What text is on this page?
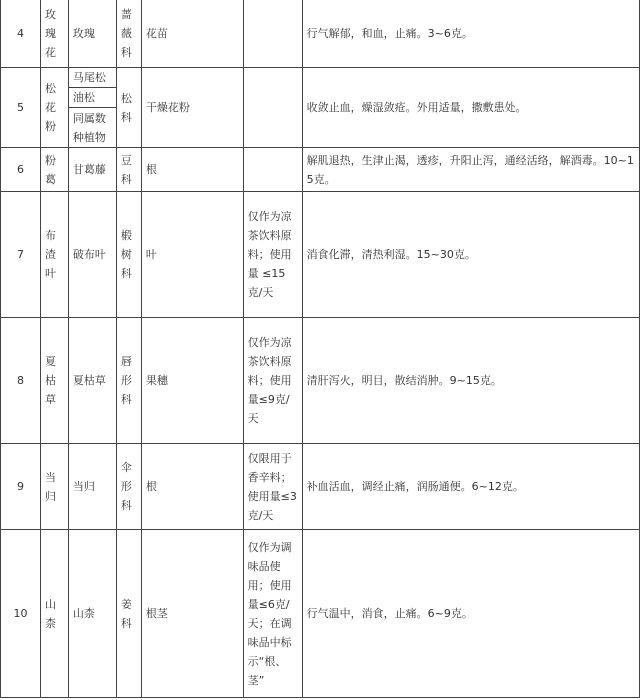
4	玫瑰花	玫瑰	蔷薇科	花苗		行气解郁，和血，止痛。3~6克。
5	松花粉	马尾松	松科	干燥花粉		收敛止血，燥湿敛疮。外用适量，撒敷患处。
		油松				
		同属数种植物				
6	粉葛	甘葛藤	豆科	根		解肌退热，生津止渴，透疹，升阳止泻，通经活络，解酒毒。10~15克。
7	布渣叶	破布叶	椴树科	叶	仅作为凉茶饮料原料；使用量 ≤15克/天	消食化滞，清热利湿。15~30克。
8	夏枯草	夏枯草	唇形科	果穗	仅作为凉茶饮料原料；使用量≤9克/天	清肝泻火，明目，散结消肿。9~15克。
9	当归	当归	伞形科	根	仅限用于香辛料；使用量≤3克/天	补血活血，调经止痛，润肠通便。6~12克。
10	山柰	山柰	姜科	根茎	仅作为调味品使用；使用量≤6克/天；在调味品中标示“根、茎”	行气温中，消食，止痛。6~9克。
